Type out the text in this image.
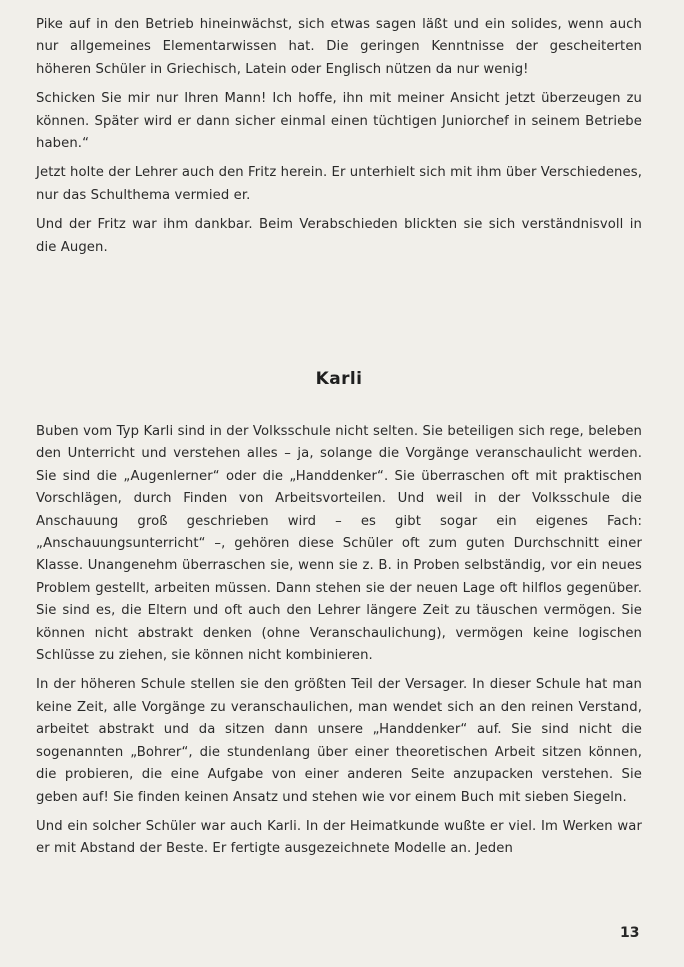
Pike auf in den Betrieb hineinwächst, sich etwas sagen läßt und ein solides, wenn auch nur allgemeines Elementarwissen hat. Die geringen Kenntnisse der gescheiterten höheren Schüler in Griechisch, Latein oder Englisch nützen da nur wenig!

Schicken Sie mir nur Ihren Mann! Ich hoffe, ihn mit meiner Ansicht jetzt überzeugen zu können. Später wird er dann sicher einmal einen tüchtigen Juniorchef in seinem Betriebe haben.“

Jetzt holte der Lehrer auch den Fritz herein. Er unterhielt sich mit ihm über Verschiedenes, nur das Schulthema vermied er.

Und der Fritz war ihm dankbar. Beim Verabschieden blickten sie sich verständnisvoll in die Augen.

Karli

Buben vom Typ Karli sind in der Volksschule nicht selten. Sie beteiligen sich rege, beleben den Unterricht und verstehen alles – ja, solange die Vorgänge veranschaulicht werden. Sie sind die „Augenlerner“ oder die „Handdenker“. Sie überraschen oft mit praktischen Vorschlägen, durch Finden von Arbeitsvorteilen. Und weil in der Volksschule die Anschauung groß geschrieben wird – es gibt sogar ein eigenes Fach: „Anschauungsunterricht“ –, gehören diese Schüler oft zum guten Durchschnitt einer Klasse. Unangenehm überraschen sie, wenn sie z. B. in Proben selbständig, vor ein neues Problem gestellt, arbeiten müssen. Dann stehen sie der neuen Lage oft hilflos gegenüber. Sie sind es, die Eltern und oft auch den Lehrer längere Zeit zu täuschen vermögen. Sie können nicht abstrakt denken (ohne Veranschaulichung), vermögen keine logischen Schlüsse zu ziehen, sie können nicht kombinieren.

In der höheren Schule stellen sie den größten Teil der Versager. In dieser Schule hat man keine Zeit, alle Vorgänge zu veranschaulichen, man wendet sich an den reinen Verstand, arbeitet abstrakt und da sitzen dann unsere „Handdenker“ auf. Sie sind nicht die sogenannten „Bohrer“, die stundenlang über einer theoretischen Arbeit sitzen können, die probieren, die eine Aufgabe von einer anderen Seite anzupacken verstehen. Sie geben auf! Sie finden keinen Ansatz und stehen wie vor einem Buch mit sieben Siegeln.

Und ein solcher Schüler war auch Karli. In der Heimatkunde wußte er viel. Im Werken war er mit Abstand der Beste. Er fertigte ausgezeichnete Modelle an. Jeden

13
